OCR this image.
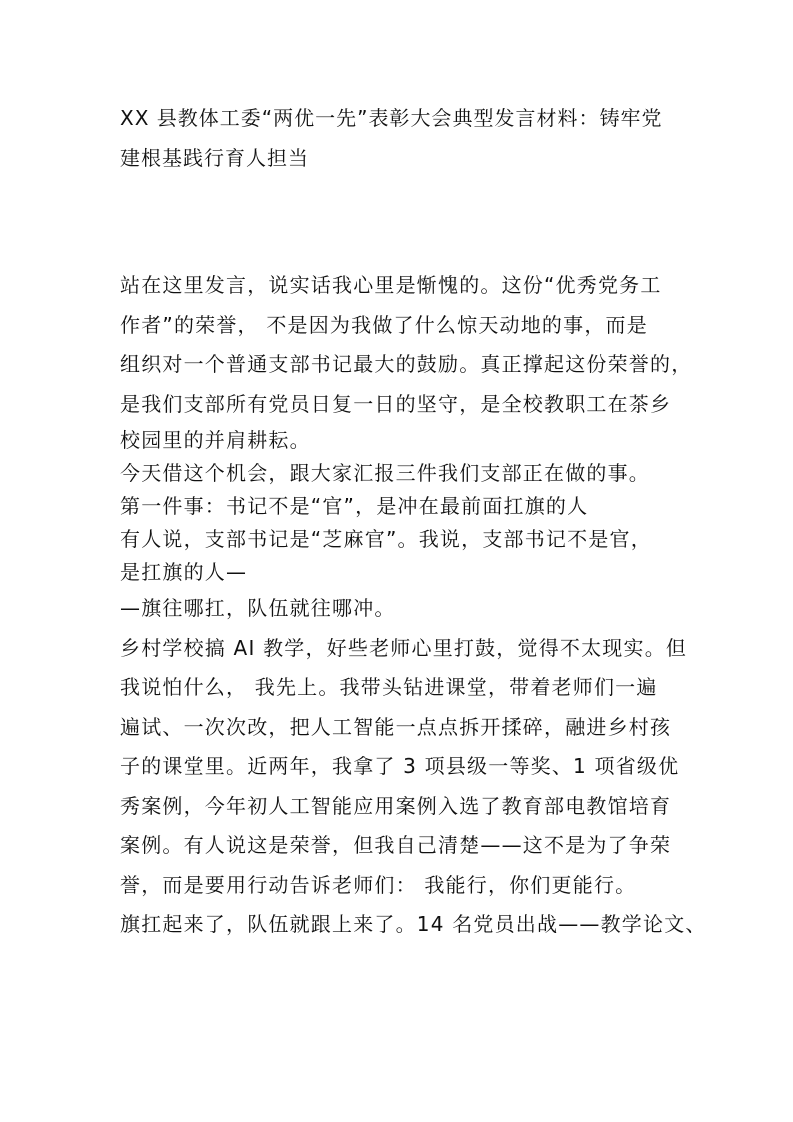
XX 县教体工委“两优一先”表彰大会典型发言材料：铸牢党
建根基践行育人担当
站在这里发言，说实话我心里是惭愧的。这份“优秀党务工
作者”的荣誉， 不是因为我做了什么惊天动地的事，而是
组织对一个普通支部书记最大的鼓励。真正撑起这份荣誉的，
是我们支部所有党员日复一日的坚守，是全校教职工在茶乡
校园里的并肩耕耘。
今天借这个机会，跟大家汇报三件我们支部正在做的事。
第一件事：书记不是“官”，是冲在最前面扛旗的人
有人说，支部书记是“芝麻官”。我说，支部书记不是官，
是扛旗的人—
—旗往哪扛，队伍就往哪冲。
乡村学校搞 AI 教学，好些老师心里打鼓，觉得不太现实。但
我说怕什么， 我先上。我带头钻进课堂，带着老师们一遍
遍试、一次次改，把人工智能一点点拆开揉碎，融进乡村孩
子的课堂里。近两年，我拿了 3 项县级一等奖、1 项省级优
秀案例，今年初人工智能应用案例入选了教育部电教馆培育
案例。有人说这是荣誉，但我自己清楚——这不是为了争荣
誉，而是要用行动告诉老师们： 我能行，你们更能行。
旗扛起来了，队伍就跟上来了。14 名党员出战——教学论文、
